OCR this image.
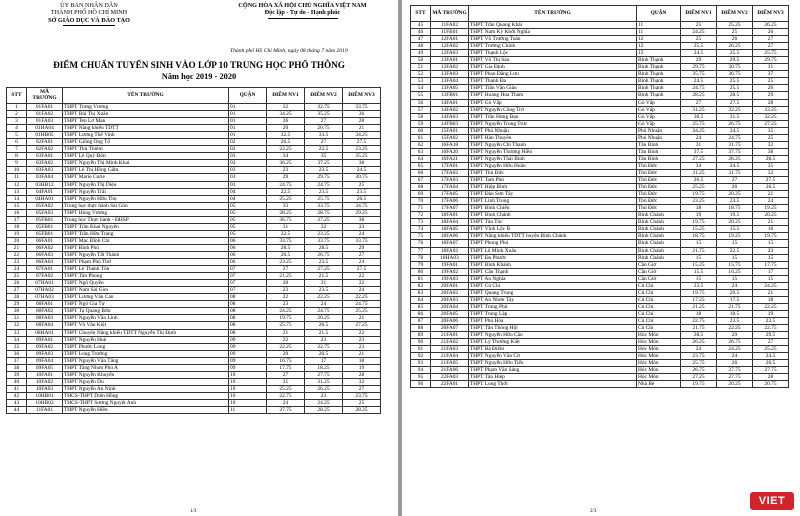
ỦY BAN NHÂN DÂN
THÀNH PHỐ HỒ CHÍ MINH
SỞ GIÁO DỤC VÀ ĐÀO TẠO
CỘNG HÒA XÃ HỘI CHỦ NGHĨA VIỆT NAM
Độc lập - Tự do - Hạnh phúc
Thành phố Hồ Chí Minh, ngày 08 tháng 7 năm 2019
ĐIỂM CHUẨN TUYỂN SINH VÀO LỚP 10 TRUNG HỌC PHỔ THÔNG
Năm học 2019 - 2020
STT	MÃ TRƯỜNG	TÊN TRƯỜNG	QUẬN	ĐIỂM NV1	ĐIỂM NV2	ĐIỂM NV3
1	01FA01	THPT Trưng Vương	01	32	32.75	33.75
2	01FA02	THPT Bùi Thị Xuân	01	34.25	35.25	36
3	01FA03	THPT Ten Lơ Man	01	26	27	28
4	01HA04	THPT Năng khiếu TDTT	01	20	20.75	21
5	01HB05	THPT Lương Thế Vinh	01	32.5	33.5	34.25
6	02FA01	THPT Giồng Ông Tố	02	26.5	27	27.5
7	02FA02	THPT Thủ Thiêm	02	22.25	22.5	23.25
8	03FA01	THPT Lê Quý Đôn	03	34	35	35.25
9	03FA02	THPT Nguyễn Thị Minh Khai	03	36.25	37.25	38
10	03FA03	THPT Lê Thị Hồng Gấm	03	23	23.5	24.5
11	03FA04	THPT Marie Curie	03	29	29.75	30.75
12	03HB12	THPT Nguyễn Thị Diệu	03	24.75	24.75	25
13	04FA01	THPT Nguyễn Trãi	04	22.5	23.5	23.5
14	04HA01	THPT Nguyễn Hữu Thọ	04	25.25	25.75	26.5
15	05FA02	Trung học thực hành Sài Gòn	05	33	33.75	34.75
16	05FA03	THPT Hùng Vương	05	28.25	28.75	29.25
17	05FB01	Trung học Thực hành - ĐHSP	05	36.75	37.25	38
18	05FB01	THPT Trần Khai Nguyên	05	31	32	33
19	05FB01	THPT Trần Hữu Trang	05	22.5	23.25	24
20	06FA01	THPT Mạc Đĩnh Chi	06	33.75	33.75	33.75
21	06FA02	THPT Bình Phú	06	28.5	28.5	29
22	06FA03	THPT Nguyễn Tất Thành	06	26.5	26.75	27
23	06FA04	THPT Phạm Phú Thứ	06	23.25	23.5	24
24	07FA01	THPT Lê Thánh Tôn	07	27	27.25	27.5
25	07FA02	THPT Tân Phong	07	21.25	21.5	22
26	07HA01	THPT Ngô Quyền	07	30	31	32
27	07HA02	THPT Nam Sài Gòn	07	23	23.5	24
28	07HA03	THPT Lương Văn Can	08	22	22.25	22.25
29	08FA01	THPT Ngô Gia Tự	08	23	24	24.75
30	08FA02	THPT Tạ Quang Bửu	08	24.25	24.75	25.25
31	08FA03	THPT Nguyễn Văn Linh	08	19.75	20.25	21
32	08FA04	THPT Võ Văn Kiệt	08	25.75	26.5	27.25
33	08HA01	THPT Chuyên Năng khiếu TDTT Nguyễn Thị Định	08	21	21.5	22
34	09FA01	THPT Nguyễn Huệ	09	22	23	23
35	09FA02	THPT Phước Long	09	22.25	22.75	23
36	09FA03	THPT Long Trường	09	20	20.5	21
37	09FA04	THPT Nguyễn Văn Tăng	09	16.75	17	18
38	09FA05	THPT Tăng Nhơn Phú A	09	17.75	18.25	19
39	10FA01	THPT Nguyễn Khuyến	10	27	27.75	28
40	10FA02	THPT Nguyễn Du	10	31	31.25	32
41	10FA03	THPT Nguyễn An Ninh	10	25.25	26.25	27
42	10HB01	THCS-THPT Diên Hồng	10	22.75	23	23.75
43	10HB03	THCS-THPT Sương Nguyệt Anh	10	24	24.25	25
44	11FA01	THPT Nguyễn Hiền	11	27.75	28.25	28.25
1/3
STT	MÃ TRƯỜNG	TÊN TRƯỜNG	QUẬN	ĐIỂM NV1	ĐIỂM NV2	ĐIỂM NV3
45	11FA02	THPT Trần Quang Khải	11	25	25.25	26.25
46	11FB01	THPT Nam Kỳ Khởi Nghĩa	11	24.25	25	26
47	12FA01	THPT Võ Trường Toản	12	25	26	27
48	12FA02	THPT Trường Chinh	12	25.5	26.25	27
49	12FA03	THPT Thạnh Lộc	12	24.5	25.5	25.75
50	13FA01	THPT Võ Thị Sáu	Bình Thạnh	29	29.5	29.75
51	13FA02	THPT Gia Định	Bình Thạnh	29.75	30.75	31
52	13FA03	THPT Phan Đăng Lưu	Bình Thạnh	35.75	36.75	37
53	13FA04	THPT Thanh Đa	Bình Thạnh	24.5	25.5	25
54	13FA05	THPT Trần Văn Giàu	Bình Thạnh	24.75	25.5	26
55	13FB01	THPT Hoàng Hoa Thám	Bình Thạnh	28.25	28.5	29
56	14FA01	THPT Gò Vấp	Gò Vấp	27	27.5	28
57	14FA02	THPT Nguyễn Công Trứ	Gò Vấp	31.25	32.25	33.25
58	14FA03	THPT Trần Hưng Đạo	Gò Vấp	30.5	31.5	32.25
59	14FB03	THPT Nguyễn Trung Trực	Gò Vấp	25.75	26.75	27.25
60	15FA01	THPT Phú Nhuận	Phú Nhuận	34.25	34.5	35
61	15FA02	THPT Hàn Thuyên	Phú Nhuận	24	24.75	25
62	16FA18	THPT Nguyễn Chí Thanh	Tân Bình	31	31.75	32
63	16FA20	THPT Nguyễn Thượng Hiền	Tân Bình	37.5	37.75	38
64	16FA21	THPT Nguyễn Thái Bình	Tân Bình	27.25	28.25	28.5
65	17FA01	THPT Nguyễn Hữu Huân	Thủ Đức	34	34.5	35
66	17FA02	THPT Thủ Đức	Thủ Đức	31.25	31.75	32
67	17FA03	THPT Tam Phú	Thủ Đức	26.5	27	27.5
68	17FA04	THPT Hiệp Bình	Thủ Đức	25.25	26	26.5
69	17FA05	THPT Đào Sơn Tây	Thủ Đức	19.75	20.25	21
70	17FA06	THPT Linh Trung	Thủ Đức	23.25	23.5	24
71	17FA07	THPT Bình Chiểu	Thủ Đức	18	18.75	19.25
72	18FA01	THPT Bình Chánh	Bình Chánh	19	19.5	20.25
73	18FA04	THPT Tân Túc	Bình Chánh	19.75	20.25	21
74	18FA05	THPT Vĩnh Lộc B	Bình Chánh	15.25	15.5	16
75	18FA06	THPT Năng khiếu TDTT huyện Bình Chánh	Bình Chánh	18.75	19.25	19.75
76	18FA07	THPT Phong Phú	Bình Chánh	15	15	15
77	18FA02	THPT Lê Minh Xuân	Bình Chánh	21.75	22.5	23
78	18HA03	THPT Đa Phước	Bình Chánh	15	15	15
79	19FA01	THPT Bình Khánh	Cần Giờ	15.25	15.75	17.75
80	19FA02	THPT Cần Thạnh	Cần Giờ	15.5	16.25	17
81	19FA03	THPT An Nghĩa	Cần Giờ	15	15	15
82	20FA01	THPT Củ Chi	Củ Chi	23.5	24	24.25
83	20FA02	THPT Quang Trung	Củ Chi	19.75	20.5	21
84	20FA03	THPT An Nhơn Tây	Củ Chi	17.25	17.5	18
85	20FA04	THPT Trung Phú	Củ Chi	21.25	21.75	22.25
86	20FA05	THPT Trung Lập	Củ Chi	18	18.5	19
87	20FA06	THPT Phú Hòa	Củ Chi	22.75	23.5	23.5
88	20FA07	THPT Tân Thông Hội	Củ Chi	21.75	22.25	22.75
89	21FA01	THPT Nguyễn Hữu Cầu	Hóc Môn	28.5	29	29.5
90	21FA02	THPT Lý Thường Kiệt	Hóc Môn	26.25	26.75	27
91	21FA03	THPT Bà Điểm	Hóc Môn	24	24.25	25.25
92	21FA04	THPT Nguyễn Văn Cừ	Hóc Môn	23.75	24	24.5
93	21FA05	THPT Nguyễn Hữu Tiến	Hóc Môn	25.75	26	26.5
94	21FA06	THPT Phạm Văn Sáng	Hóc Môn	26.75	27.75	27.75
95	22FA03	THPT Tân Hiệp	Hóc Môn	27.25	27.75	28
96	22FA01	THPT Long Thới	Nhà Bè	19.75	20.25	20.75
2/3
VIET
